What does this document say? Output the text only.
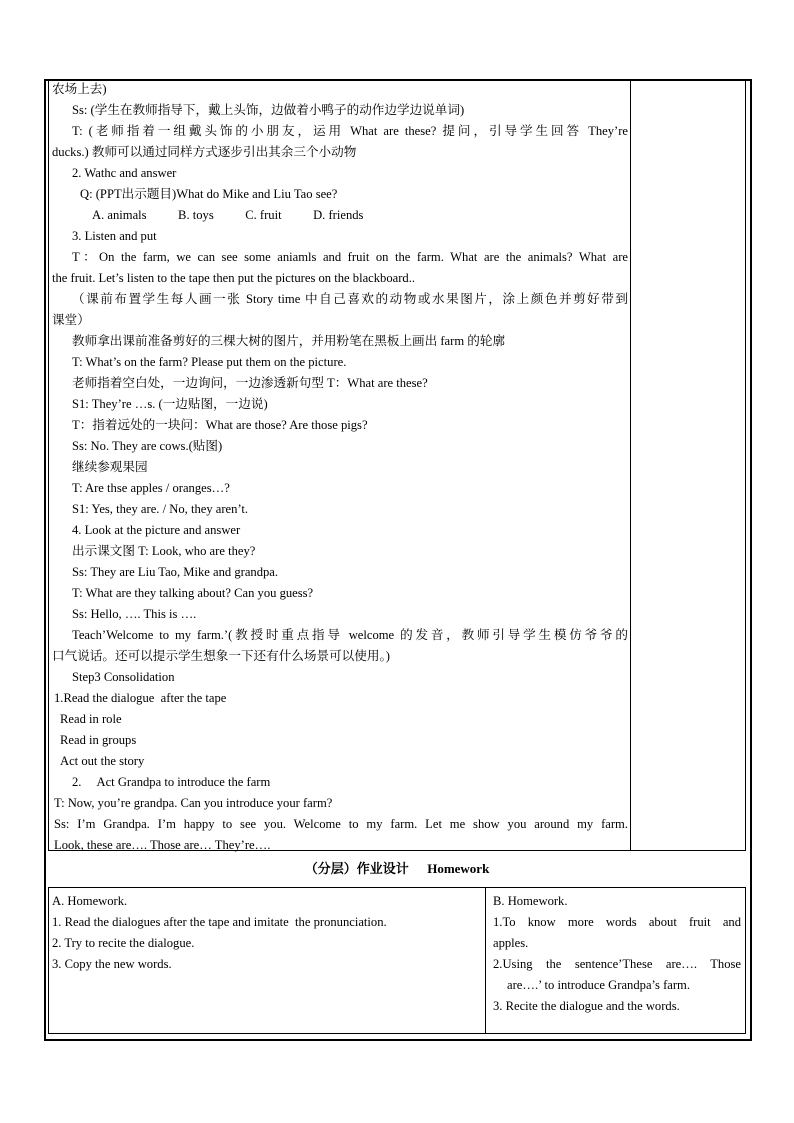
农场上去)
Ss: (学生在教师指导下，戴上头饰，边做着小鸭子的动作边学边说单词)
T: (老师指着一组戴头饰的小朋友，运用 What are these? 提问，引导学生回答 They’re
ducks.) 教师可以通过同样方式逐步引出其余三个小动物
2. Wathc and answer
Q: (PPT出示题目)What do Mike and Liu Tao see?
A. animals          B. toys          C. fruit          D. friends
3. Listen and put
T：On the farm, we can see some aniamls and fruit on the farm. What are the animals? What are
the fruit. Let’s listen to the tape then put the pictures on the blackboard..
（课前布置学生每人画一张 Story time 中自己喜欢的动物或水果图片，涂上颜色并剪好带到
课堂）
教师拿出课前准备剪好的三棵大树的图片，并用粉笔在黑板上画出 farm 的轮廓
T: What’s on the farm? Please put them on the picture.
老师指着空白处，一边询问，一边渗透新句型 T：What are these?
S1: They’re …s. (一边贴图，一边说)
T：指着远处的一块问：What are those? Are those pigs?
Ss: No. They are cows.(贴图)
继续参观果园
T: Are thse apples / oranges…?
S1: Yes, they are. / No, they aren’t.
4. Look at the picture and answer
出示课文图 T: Look, who are they?
Ss: They are Liu Tao, Mike and grandpa.
T: What are they talking about? Can you guess?
Ss: Hello, …. This is ….
Teach’Welcome to my farm.’(教授时重点指导 welcome 的发音，教师引导学生模仿爷爷的
口气说话。还可以提示学生想象一下还有什么场景可以使用。)
Step3 Consolidation
1.Read the dialogue  after the tape
Read in role
Read in groups
Act out the story
2.     Act Grandpa to introduce the farm
T: Now, you’re grandpa. Can you introduce your farm?
Ss: I’m Grandpa. I’m happy to see you. Welcome to my farm. Let me show you around my farm.
Look, these are…. Those are… They’re….
（分层）作业设计 Homework
A. Homework.
1. Read the dialogues after the tape and imitate  the pronunciation.
2. Try to recite the dialogue.
3. Copy the new words.
B. Homework.
1.To know more words about fruit and
apples.
2.Using the sentence’These are…. Those
are….’ to introduce Grandpa’s farm.
3. Recite the dialogue and the words.
